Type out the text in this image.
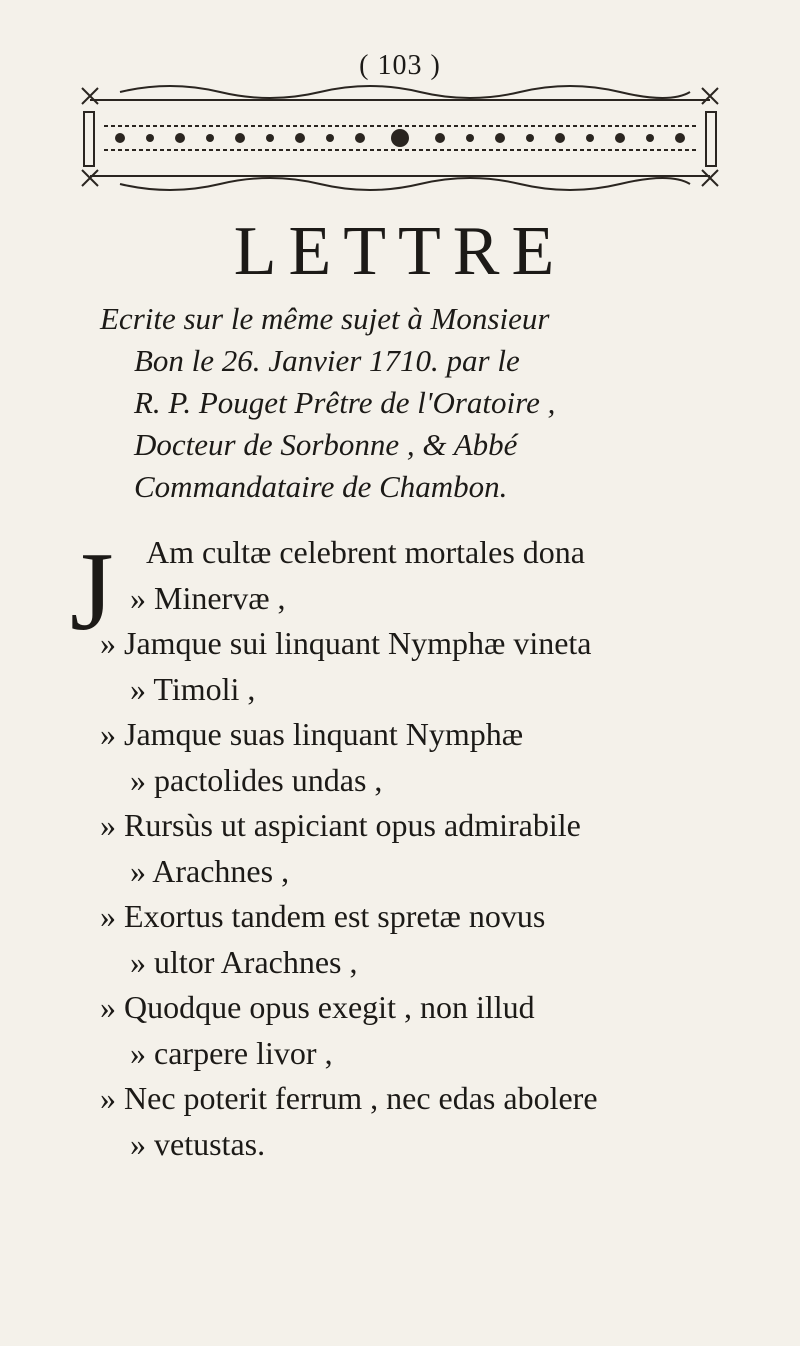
( 103 )
LETTRE
Ecrite sur le même sujet à Monsieur
Bon le 26. Janvier 1710. par le
R. P. Pouget Prêtre de l'Oratoire ,
Docteur de Sorbonne , & Abbé
Commandataire de Chambon.
J	Am cultæ celebrent mortales dona
» Minervæ ,
» Jamque sui linquant Nymphæ vineta
» Timoli ,
» Jamque suas linquant Nymphæ
» pactolides undas ,
» Rursùs ut aspiciant opus admirabile
» Arachnes ,
» Exortus tandem est spretæ novus
» ultor Arachnes ,
» Quodque opus exegit , non illud
» carpere livor ,
» Nec poterit ferrum , nec edas abolere
» vetustas.
